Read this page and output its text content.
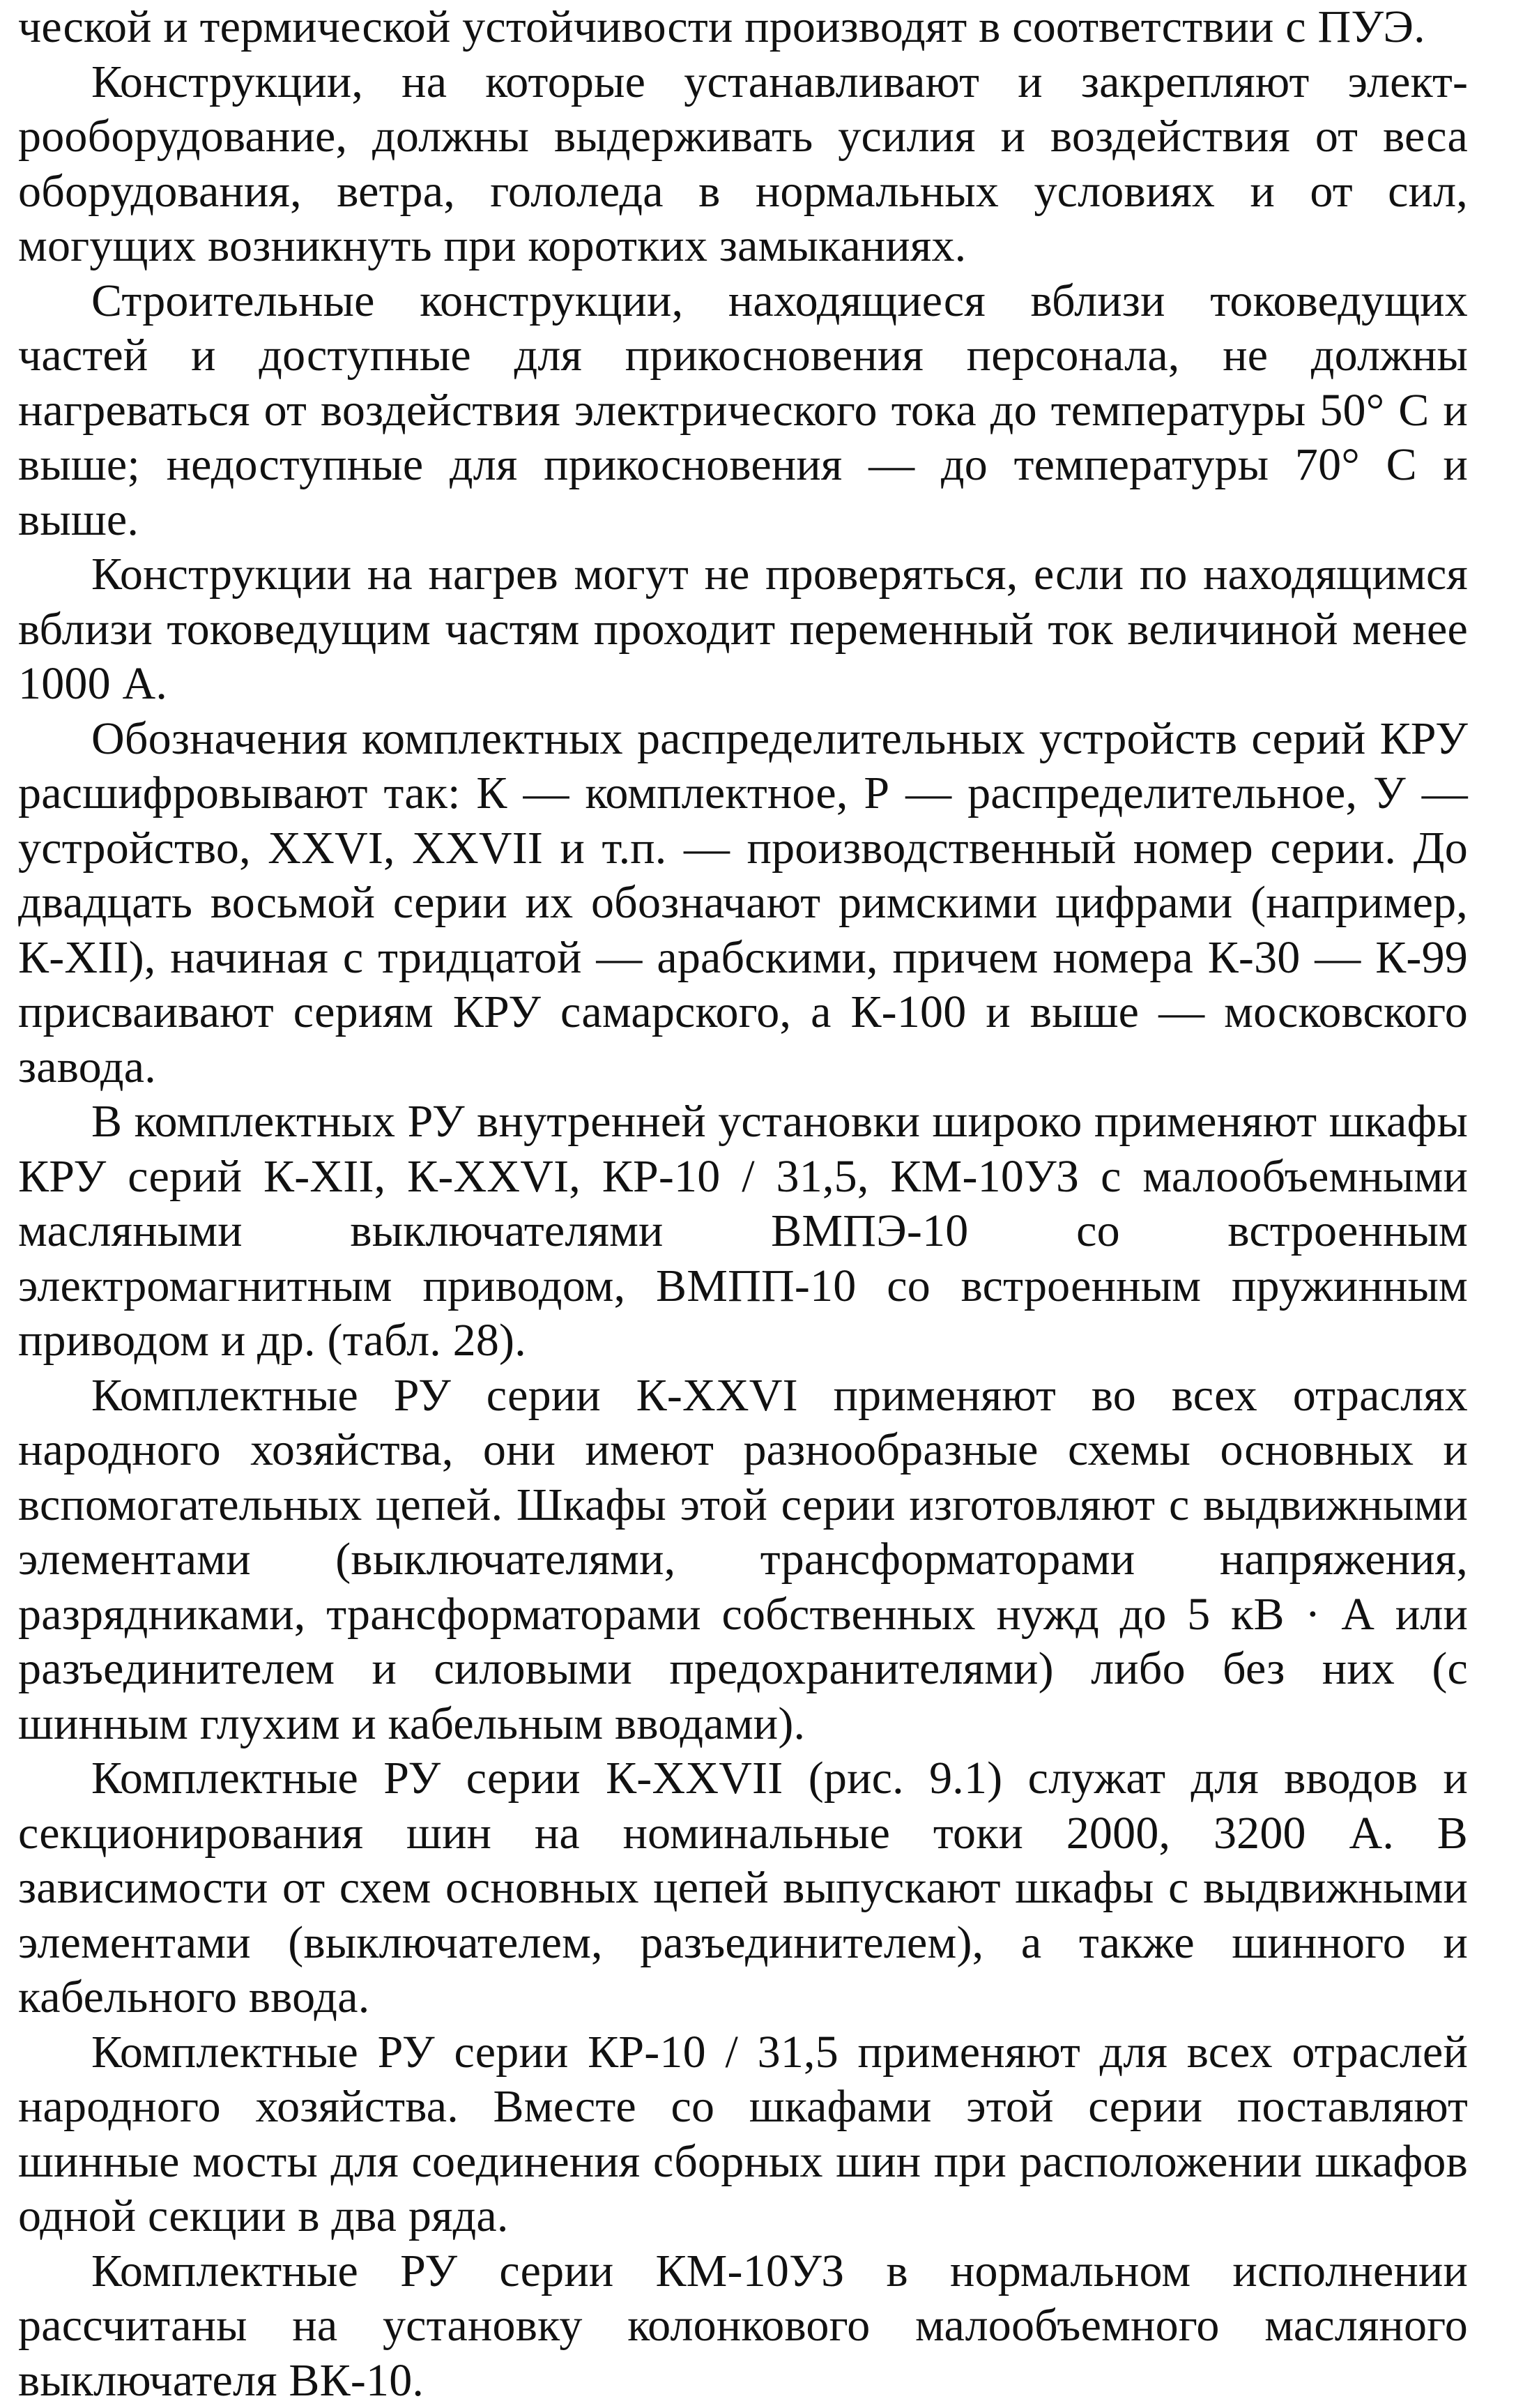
ческой и термической устойчивости производят в соответствии с ПУЭ.

Конструкции, на которые устанавливают и закрепляют электрооборудование, должны выдерживать усилия и воздействия от веса оборудования, ветра, гололеда в нормальных условиях и от сил, могущих возникнуть при коротких замыканиях.

Строительные конструкции, находящиеся вблизи токоведущих частей и доступные для прикосновения персонала, не должны нагреваться от воздействия электрического тока до температуры 50° С и выше; недоступные для прикосновения — до температуры 70° С и выше.

Конструкции на нагрев могут не проверяться, если по находящимся вблизи токоведущим частям проходит переменный ток величиной менее 1000 А.

Обозначения комплектных распределительных устройств серий КРУ расшифровывают так: К — комплектное, Р — распределительное, У — устройство, XXVI, XXVII и т.п. — производственный номер серии. До двадцать восьмой серии их обозначают римскими цифрами (например, К-XII), начиная с тридцатой — арабскими, причем номера К-30 — К-99 присваивают сериям КРУ самарского, а К-100 и выше — московского завода.

В комплектных РУ внутренней установки широко применяют шкафы КРУ серий К-XII, К-XXVI, КР-10 / 31,5, КМ-10УЗ с малообъемными масляными выключателями ВМПЭ-10 со встроенным электромагнитным приводом, ВМПП-10 со встроенным пружинным приводом и др. (табл. 28).

Комплектные РУ серии К-XXVI применяют во всех отраслях народного хозяйства, они имеют разнообразные схемы основных и вспомогательных цепей. Шкафы этой серии изготовляют с выдвижными элементами (выключателями, трансформаторами напряжения, разрядниками, трансформаторами собственных нужд до 5 кВ · А или разъединителем и силовыми предохранителями) либо без них (с шинным глухим и кабельным вводами).

Комплектные РУ серии К-XXVII (рис. 9.1) служат для вводов и секционирования шин на номинальные токи 2000, 3200 А. В зависимости от схем основных цепей выпускают шкафы с выдвижными элементами (выключателем, разъединителем), а также шинного и кабельного ввода.

Комплектные РУ серии КР-10 / 31,5 применяют для всех отраслей народного хозяйства. Вместе со шкафами этой серии поставляют шинные мосты для соединения сборных шин при расположении шкафов одной секции в два ряда.

Комплектные РУ серии КМ-10УЗ в нормальном исполнении рассчитаны на установку колонкового малообъемного масляного выключателя ВК-10.
